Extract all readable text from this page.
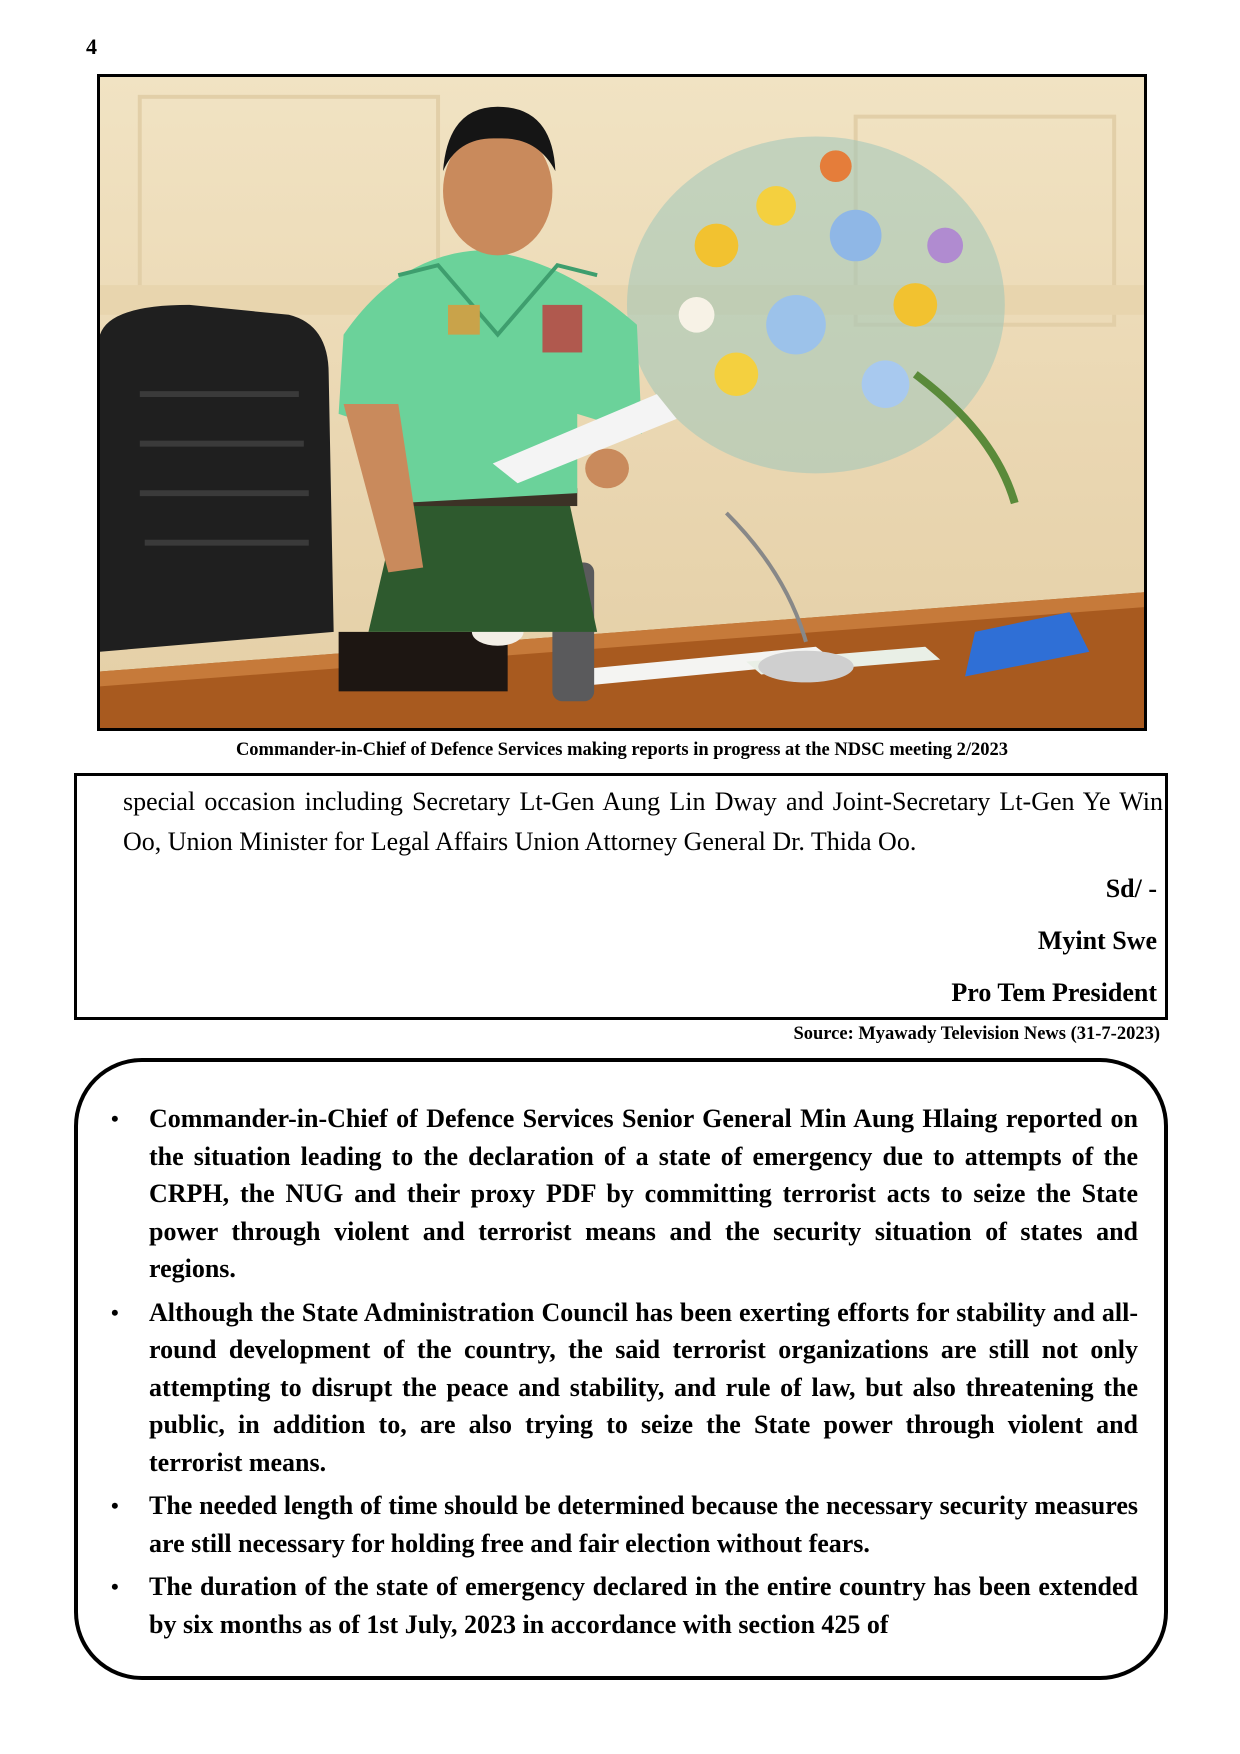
4
Commander-in-Chief of Defence Services making reports in progress at the NDSC meeting 2/2023
special occasion including Secretary Lt-Gen Aung Lin Dway and Joint-Secretary Lt-Gen Ye Win Oo, Union Minister for Legal Affairs Union Attorney General Dr. Thida Oo.
Sd/ -
Myint Swe
Pro Tem President
Source: Myawady Television News (31-7-2023)
• Commander-in-Chief of Defence Services Senior General Min Aung Hlaing reported on the situation leading to the declaration of a state of emergency due to attempts of the CRPH, the NUG and their proxy PDF by committing terrorist acts to seize the State power through violent and terrorist means and the security situation of states and regions.
• Although the State Administration Council has been exerting efforts for stability and all-round development of the country, the said terrorist organizations are still not only attempting to disrupt the peace and stability, and rule of law, but also threatening the public, in addition to, are also trying to seize the State power through violent and terrorist means.
• The needed length of time should be determined because the necessary security measures are still necessary for holding free and fair election without fears.
• The duration of the state of emergency declared in the entire country has been extended by six months as of 1st July, 2023 in accordance with section 425 of
